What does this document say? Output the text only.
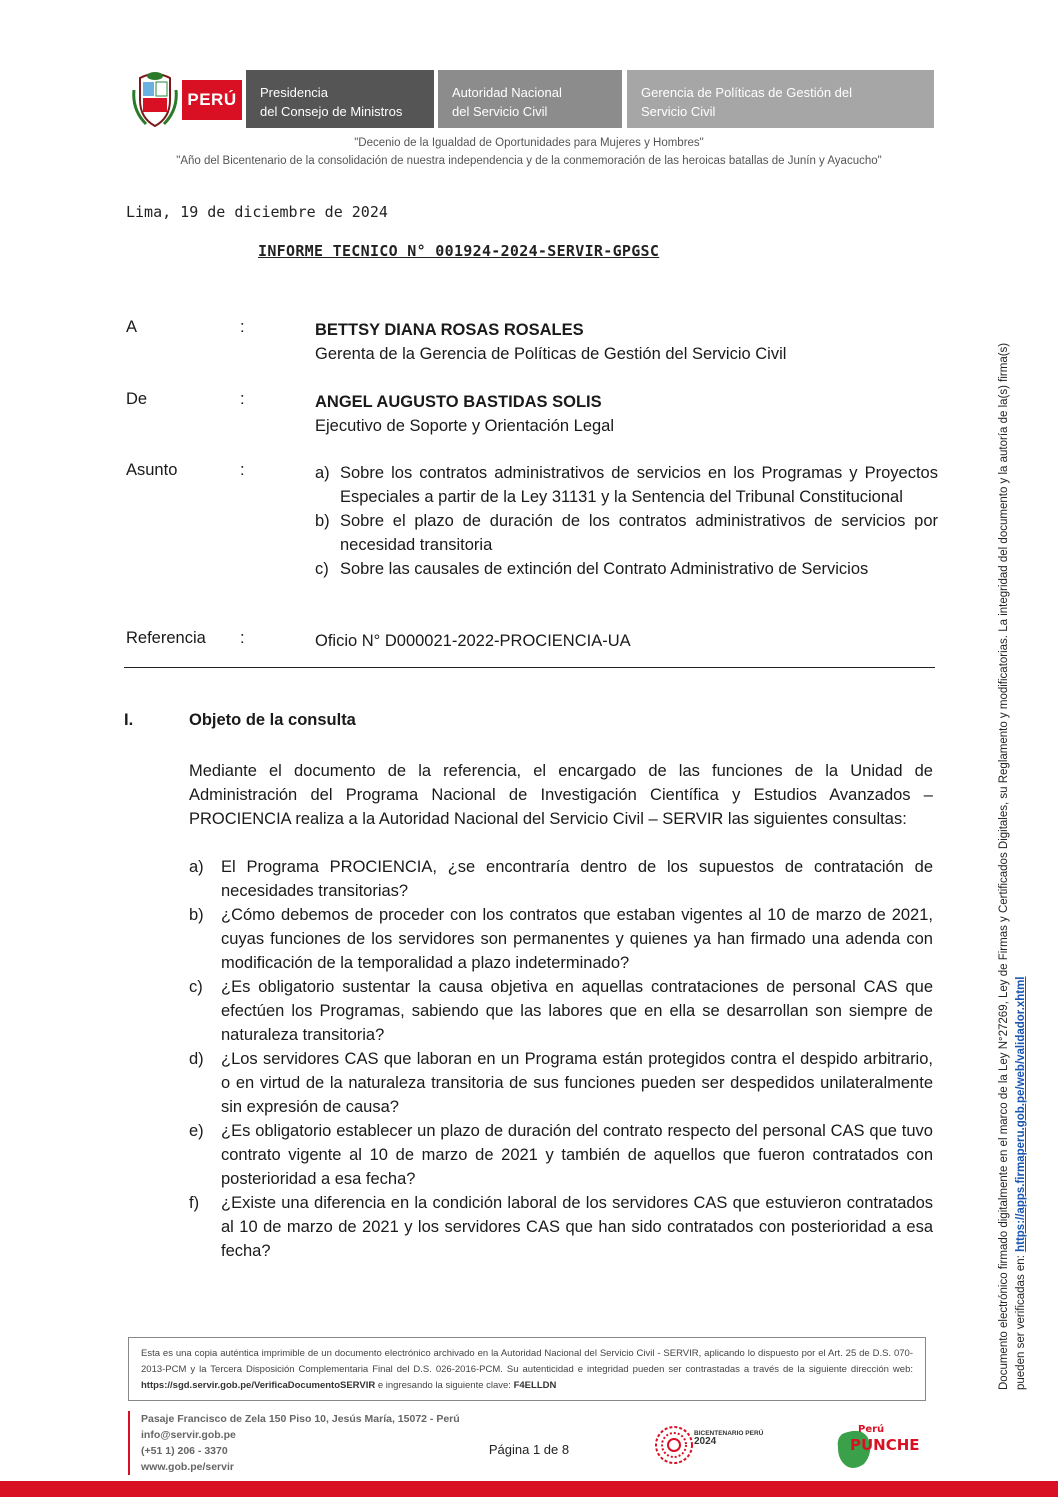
PERÚ	Presidencia
del Consejo de Ministros
Autoridad Nacional
del Servicio Civil
Gerencia de Políticas de Gestión del
Servicio Civil
"Decenio de la Igualdad de Oportunidades para Mujeres y Hombres"
"Año del Bicentenario de la consolidación de nuestra independencia y de la conmemoración de las heroicas batallas de Junín y Ayacucho"
Lima, 19 de diciembre de 2024
INFORME TECNICO N° 001924-2024-SERVIR-GPGSC
A	:	BETTSY DIANA ROSAS ROSALES
Gerenta de la Gerencia de Políticas de Gestión del Servicio Civil
De	:	ANGEL AUGUSTO BASTIDAS SOLIS
Ejecutivo de Soporte y Orientación Legal
Asunto	:	a) Sobre los contratos administrativos de servicios en los Programas y Proyectos Especiales a partir de la Ley 31131 y la Sentencia del Tribunal Constitucional
b) Sobre el plazo de duración de los contratos administrativos de servicios por necesidad transitoria
c) Sobre las causales de extinción del Contrato Administrativo de Servicios
Referencia :	Oficio N° D000021-2022-PROCIENCIA-UA
I.	Objeto de la consulta
Mediante el documento de la referencia, el encargado de las funciones de la Unidad de Administración del Programa Nacional de Investigación Científica y Estudios Avanzados – PROCIENCIA realiza a la Autoridad Nacional del Servicio Civil – SERVIR las siguientes consultas:
a)	El Programa PROCIENCIA, ¿se encontraría dentro de los supuestos de contratación de necesidades transitorias?
b)	¿Cómo debemos de proceder con los contratos que estaban vigentes al 10 de marzo de 2021, cuyas funciones de los servidores son permanentes y quienes ya han firmado una adenda con modificación de la temporalidad a plazo indeterminado?
c)	¿Es obligatorio sustentar la causa objetiva en aquellas contrataciones de personal CAS que efectúen los Programas, sabiendo que las labores que en ella se desarrollan son siempre de naturaleza transitoria?
d)	¿Los servidores CAS que laboran en un Programa están protegidos contra el despido arbitrario, o en virtud de la naturaleza transitoria de sus funciones pueden ser despedidos unilateralmente sin expresión de causa?
e)	¿Es obligatorio establecer un plazo de duración del contrato respecto del personal CAS que tuvo contrato vigente al 10 de marzo de 2021 y también de aquellos que fueron contratados con posterioridad a esa fecha?
f)	¿Existe una diferencia en la condición laboral de los servidores CAS que estuvieron contratados al 10 de marzo de 2021 y los servidores CAS que han sido contratados con posterioridad a esa fecha?	Documento electrónico firmado digitalmente en el marco de la Ley N°27269, Ley de Firmas y Certificados Digitales, su Reglamento y modificatorias. La integridad del documento y la autoría de la(s) firma(s) pueden ser verificadas en: https://apps.firmaperu.gob.pe/web/validador.xhtml
Esta es una copia auténtica imprimible de un documento electrónico archivado en la Autoridad Nacional del Servicio Civil - SERVIR, aplicando lo dispuesto por el Art. 25 de D.S. 070-2013-PCM y la Tercera Disposición Complementaria Final del D.S. 026-2016-PCM. Su autenticidad e integridad pueden ser contrastadas a través de la siguiente dirección web: https://sgd.servir.gob.pe/VerificaDocumentoSERVIR e ingresando la siguiente clave: F4ELLDN
Pasaje Francisco de Zela 150 Piso 10, Jesús María, 15072 - Perú
info@servir.gob.pe
(+51 1) 206 - 3370
www.gob.pe/servir
Página 1 de 8
BICENTENARIO PERÚ
2024
Perú
PUNCHE
